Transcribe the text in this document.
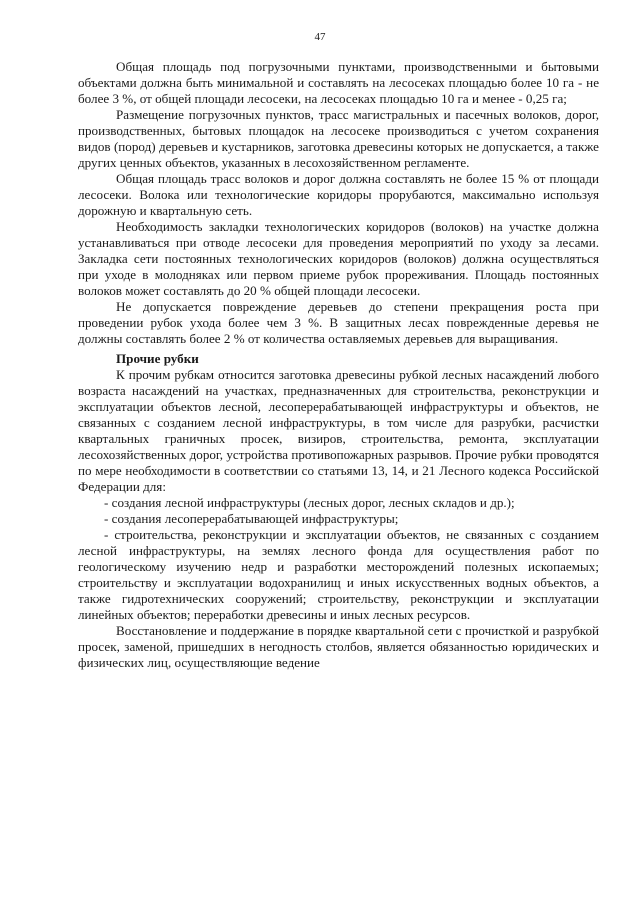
47

Общая площадь под погрузочными пунктами, производственными и бытовыми объектами должна быть минимальной и составлять на лесосеках площадью более 10 га - не более 3 %, от общей площади лесосеки, на лесосеках площадью 10 га и менее - 0,25 га;

Размещение погрузочных пунктов, трасс магистральных и пасечных волоков, дорог, производственных, бытовых площадок на лесосеке производиться с учетом сохранения видов (пород) деревьев и кустарников, заготовка древесины которых не допускается, а также других ценных объектов, указанных в лесохозяйственном регламенте.

Общая площадь трасс волоков и дорог должна составлять не более 15 % от площади лесосеки. Волока или технологические коридоры прорубаются, максимально используя дорожную и квартальную сеть.

Необходимость закладки технологических коридоров (волоков) на участке должна устанавливаться при отводе лесосеки для проведения мероприятий по уходу за лесами. Закладка сети постоянных технологических коридоров (волоков) должна осуществляться при уходе в молодняках или первом приеме рубок прореживания. Площадь постоянных волоков может составлять до 20 % общей площади лесосеки.

Не допускается повреждение деревьев до степени прекращения роста при проведении рубок ухода более чем 3 %. В защитных лесах поврежденные деревья не должны составлять более 2 % от количества оставляемых деревьев для выращивания.

Прочие рубки

К прочим рубкам относится заготовка древесины рубкой лесных насаждений любого возраста насаждений на участках, предназначенных для строительства, реконструкции и эксплуатации объектов лесной, лесоперерабатывающей инфраструктуры и объектов, не связанных с созданием лесной инфраструктуры, в том числе для разрубки, расчистки квартальных граничных просек, визиров, строительства, ремонта, эксплуатации лесохозяйственных дорог, устройства противопожарных разрывов. Прочие рубки проводятся по мере необходимости в соответствии со статьями 13, 14, и 21 Лесного кодекса Российской Федерации для:

- создания лесной инфраструктуры (лесных дорог, лесных складов и др.);

- создания лесоперерабатывающей инфраструктуры;

- строительства, реконструкции и эксплуатации объектов, не связанных с созданием лесной инфраструктуры, на землях лесного фонда для осуществления работ по геологическому изучению недр и разработки месторождений полезных ископаемых; строительству и эксплуатации водохранилищ и иных искусственных водных объектов, а также гидротехнических сооружений; строительству, реконструкции и эксплуатации линейных объектов; переработки древесины и иных лесных ресурсов.

Восстановление и поддержание в порядке квартальной сети с прочисткой и разрубкой просек, заменой, пришедших в негодность столбов, является обязанностью юридических и физических лиц, осуществляющие ведение
